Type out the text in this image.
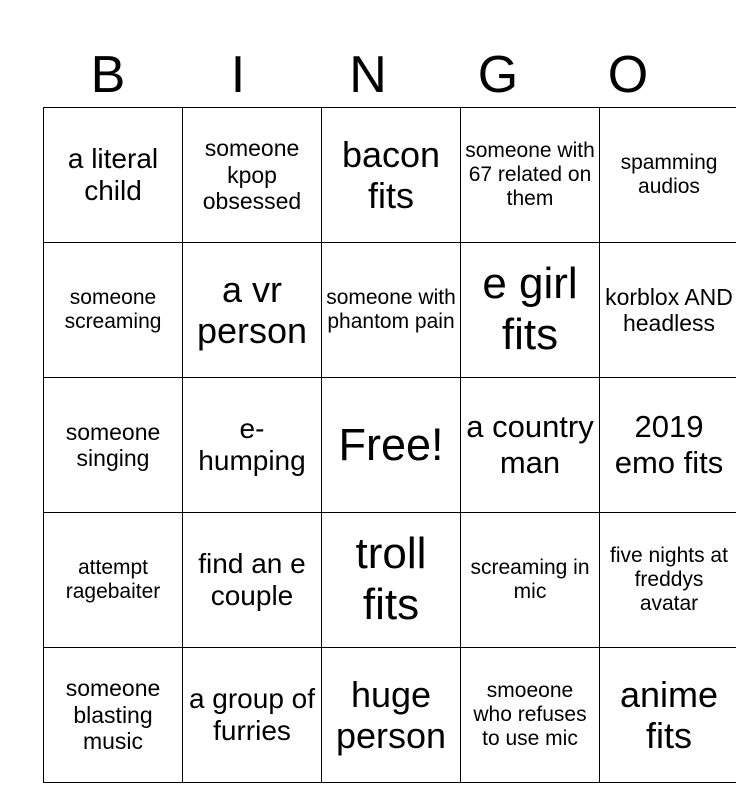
B	I	N	G	O
a literal child	someone kpop obsessed	bacon fits	someone with 67 related on them	spamming audios
someone screaming	a vr person	someone with phantom pain	e girl fits	korblox AND headless
someone singing	e-humping	Free!	a country man	2019 emo fits
attempt ragebaiter	find an e couple	troll fits	screaming in mic	five nights at freddys avatar
someone blasting music	a group of furries	huge person	smoeone who refuses to use mic	anime fits
